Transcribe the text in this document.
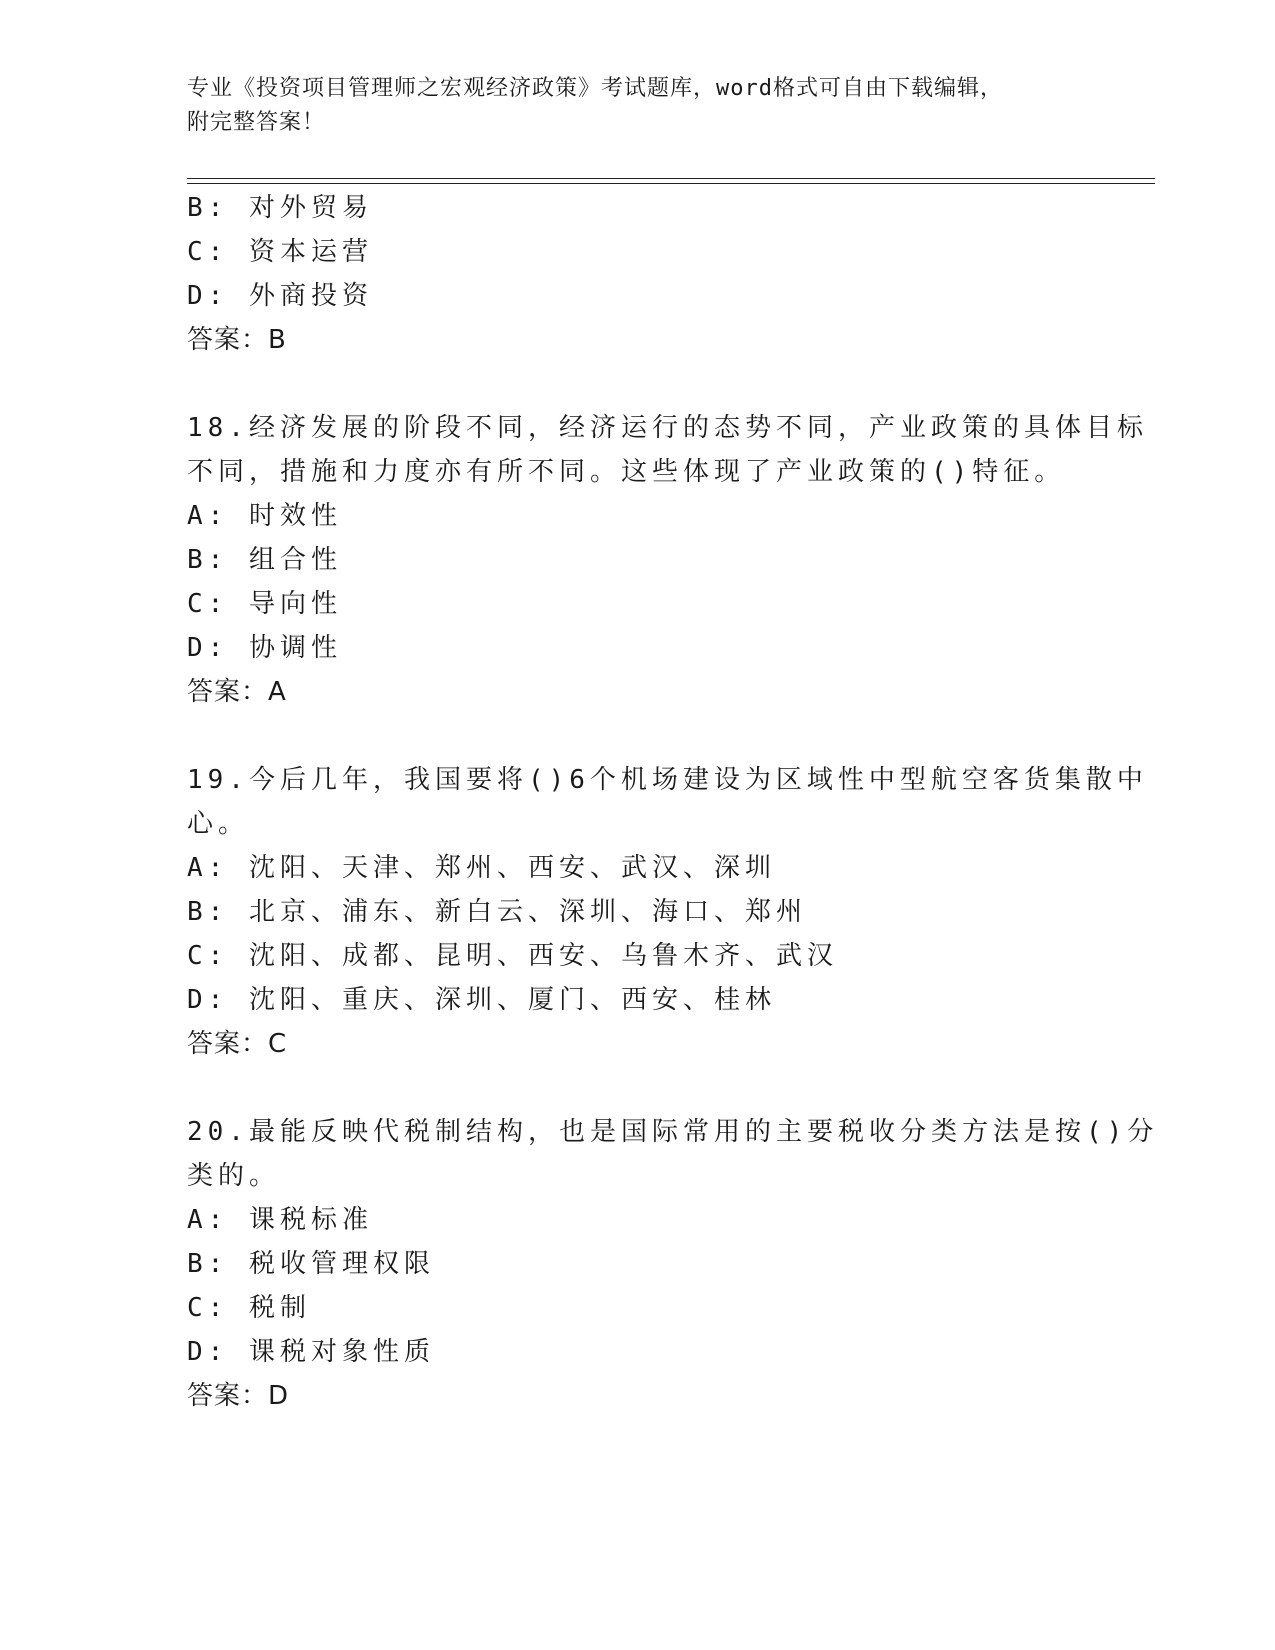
专业《投资项目管理师之宏观经济政策》考试题库，word格式可自由下载编辑，
附完整答案！
B: 对外贸易
C: 资本运营
D: 外商投资
答案：B
18.经济发展的阶段不同，经济运行的态势不同，产业政策的具体目标
不同，措施和力度亦有所不同。这些体现了产业政策的()特征。
A: 时效性
B: 组合性
C: 导向性
D: 协调性
答案：A
19.今后几年，我国要将()6个机场建设为区域性中型航空客货集散中
心。
A: 沈阳、天津、郑州、西安、武汉、深圳
B: 北京、浦东、新白云、深圳、海口、郑州
C: 沈阳、成都、昆明、西安、乌鲁木齐、武汉
D: 沈阳、重庆、深圳、厦门、西安、桂林
答案：C
20.最能反映代税制结构，也是国际常用的主要税收分类方法是按()分
类的。
A: 课税标准
B: 税收管理权限
C: 税制
D: 课税对象性质
答案：D
